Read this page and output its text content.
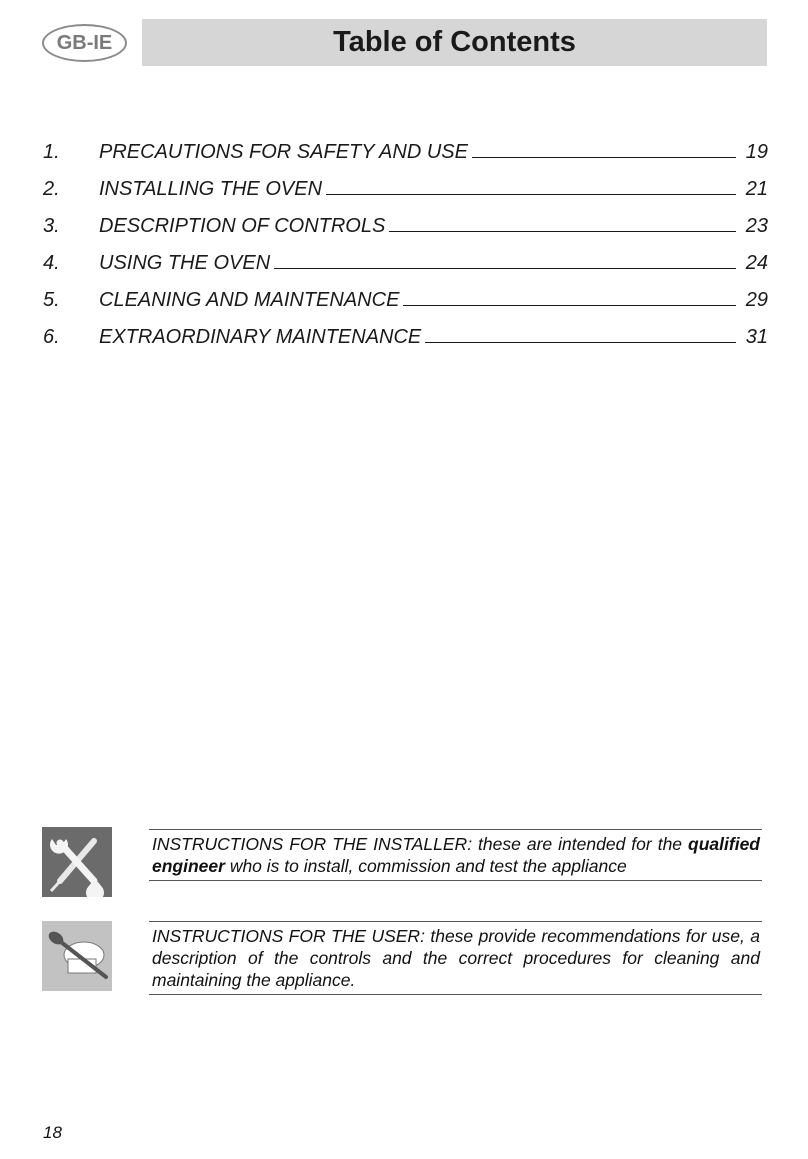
GB-IE	Table of Contents
1.	PRECAUTIONS FOR SAFETY AND USE	19
2.	INSTALLING THE OVEN	21
3.	DESCRIPTION OF CONTROLS	23
4.	USING THE OVEN	24
5.	CLEANING AND MAINTENANCE	29
6.	EXTRAORDINARY MAINTENANCE	31
INSTRUCTIONS FOR THE INSTALLER: these are intended for the qualified engineer who is to install, commission and test the appliance
INSTRUCTIONS FOR THE USER: these provide recommendations for use, a description of the controls and the correct procedures for cleaning and maintaining the appliance.
18
